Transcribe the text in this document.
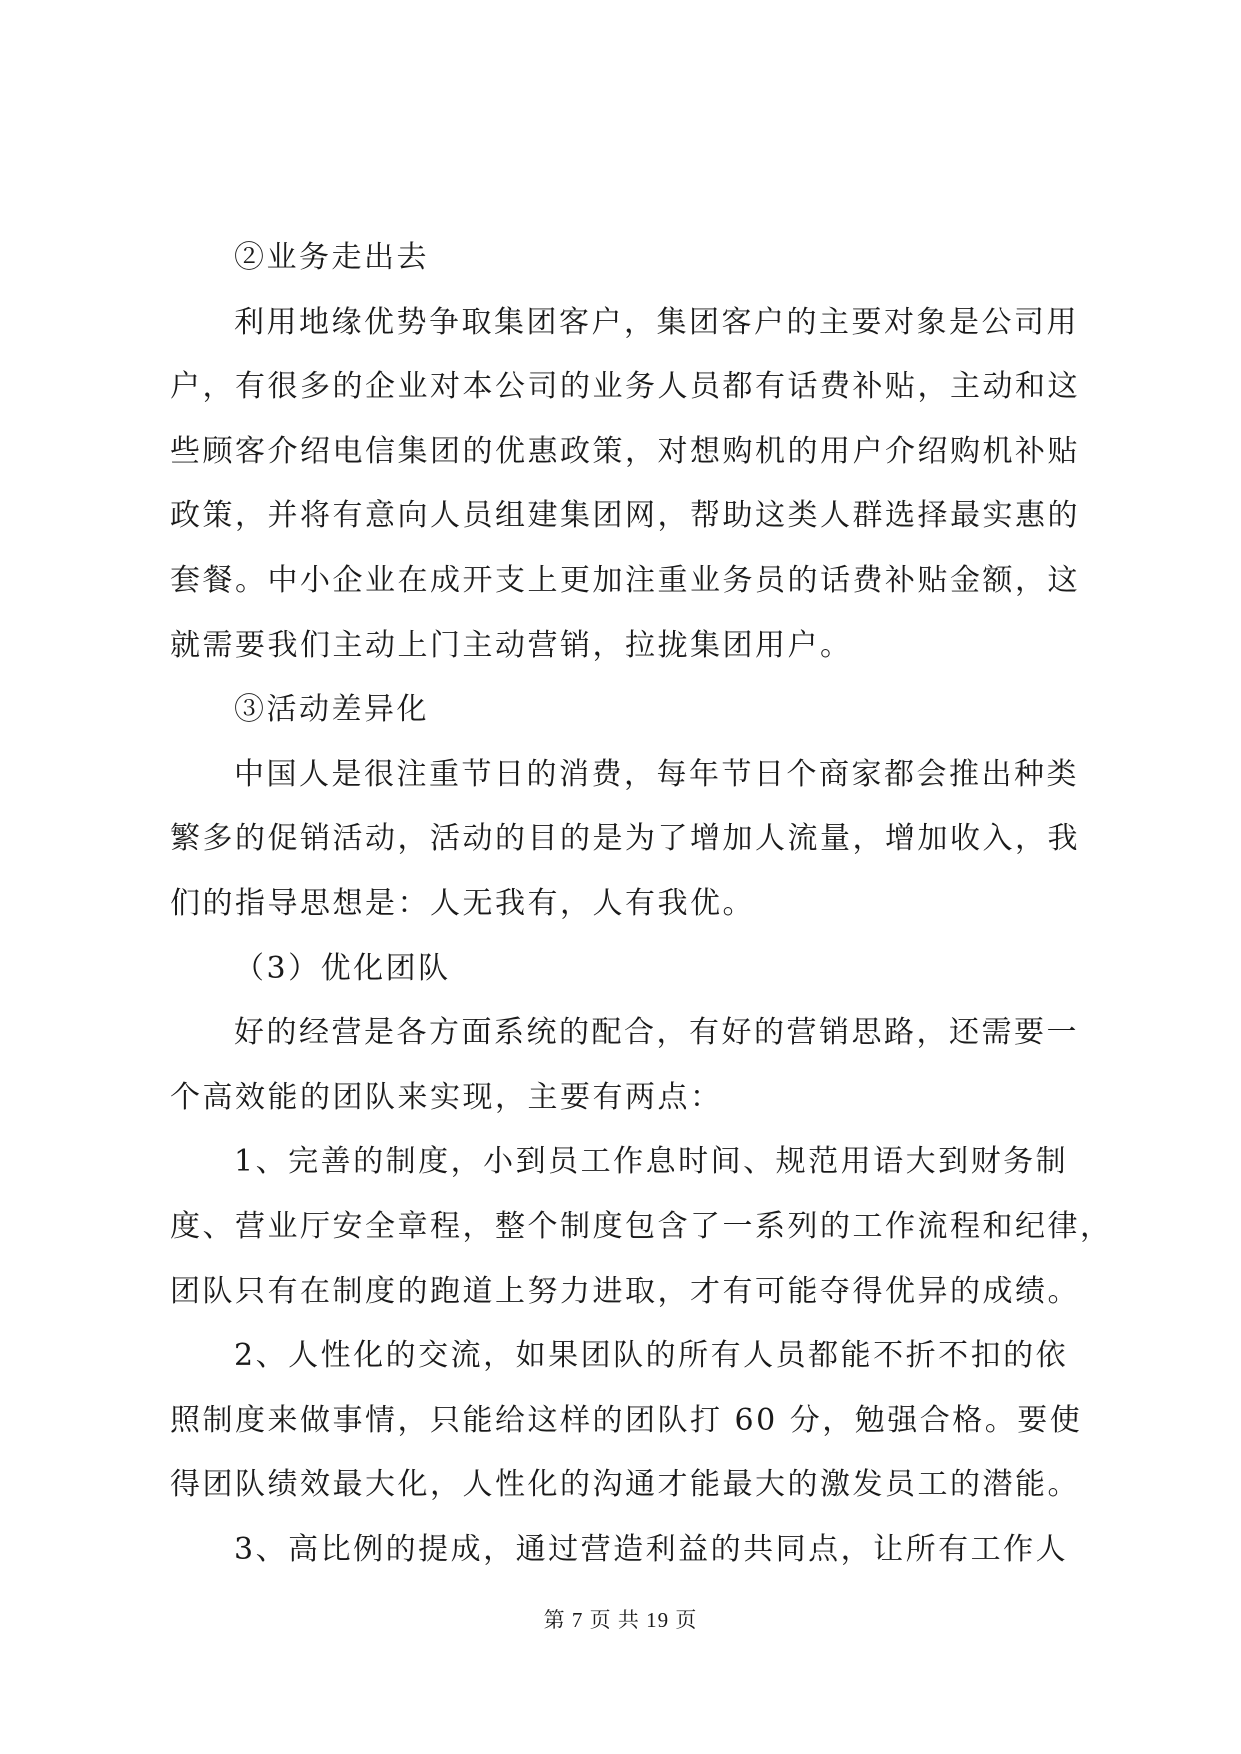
②业务走出去
利用地缘优势争取集团客户，集团客户的主要对象是公司用
户，有很多的企业对本公司的业务人员都有话费补贴，主动和这
些顾客介绍电信集团的优惠政策，对想购机的用户介绍购机补贴
政策，并将有意向人员组建集团网，帮助这类人群选择最实惠的
套餐。中小企业在成开支上更加注重业务员的话费补贴金额，这
就需要我们主动上门主动营销，拉拢集团用户。
③活动差异化
中国人是很注重节日的消费，每年节日个商家都会推出种类
繁多的促销活动，活动的目的是为了增加人流量，增加收入，我
们的指导思想是：人无我有，人有我优。
（3）优化团队
好的经营是各方面系统的配合，有好的营销思路，还需要一
个高效能的团队来实现，主要有两点：
1、完善的制度，小到员工作息时间、规范用语大到财务制
度、营业厅安全章程，整个制度包含了一系列的工作流程和纪律，
团队只有在制度的跑道上努力进取，才有可能夺得优异的成绩。
2、人性化的交流，如果团队的所有人员都能不折不扣的依
照制度来做事情，只能给这样的团队打 60 分，勉强合格。要使
得团队绩效最大化，人性化的沟通才能最大的激发员工的潜能。
3、高比例的提成，通过营造利益的共同点，让所有工作人
第 7 页 共 19 页
